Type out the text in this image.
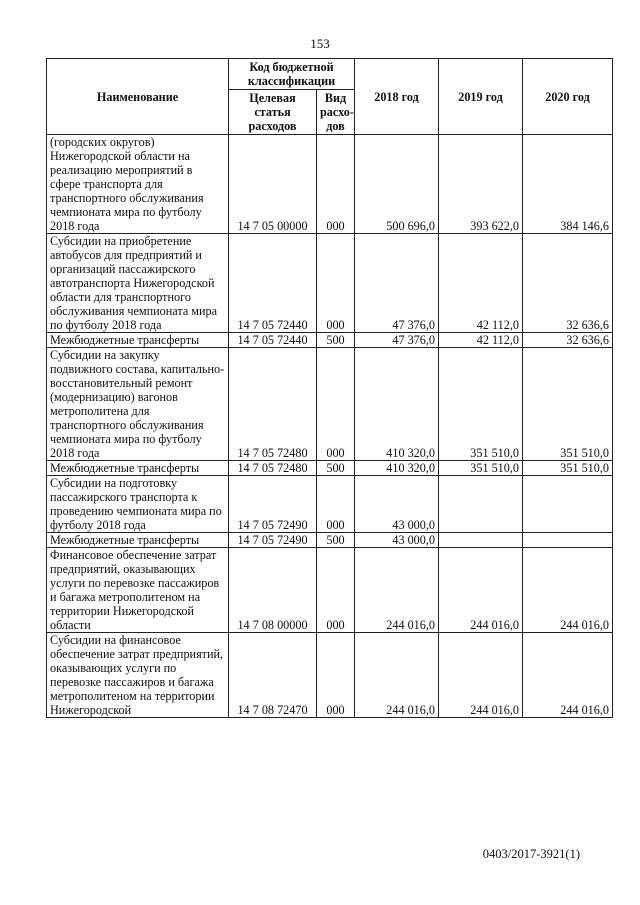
153
Наименование	Код бюджетной классификации		2018 год	2019 год	2020 год
	Целевая статья расходов	Вид расхо-дов			
(городских округов) Нижегородской области на реализацию мероприятий в сфере транспорта для транспортного обслуживания чемпионата мира по футболу 2018 года	14 7 05 00000	000	500 696,0	393 622,0	384 146,6
Субсидии на приобретение автобусов для предприятий и организаций пассажирского автотранспорта Нижегородской области для транспортного обслуживания чемпионата мира по футболу 2018 года	14 7 05 72440	000	47 376,0	42 112,0	32 636,6
Межбюджетные трансферты	14 7 05 72440	500	47 376,0	42 112,0	32 636,6
Субсидии на закупку подвижного состава, капитально-восстановительный ремонт (модернизацию) вагонов метрополитена для транспортного обслуживания чемпионата мира по футболу 2018 года	14 7 05 72480	000	410 320,0	351 510,0	351 510,0
Межбюджетные трансферты	14 7 05 72480	500	410 320,0	351 510,0	351 510,0
Субсидии на подготовку пассажирского транспорта к проведению чемпионата мира по футболу 2018 года	14 7 05 72490	000	43 000,0		
Межбюджетные трансферты	14 7 05 72490	500	43 000,0		
Финансовое обеспечение затрат предприятий, оказывающих услуги по перевозке пассажиров и багажа метрополитеном на территории Нижегородской области	14 7 08 00000	000	244 016,0	244 016,0	244 016,0
Субсидии на финансовое обеспечение затрат предприятий, оказывающих услуги по перевозке пассажиров и багажа метрополитеном на территории Нижегородской	14 7 08 72470	000	244 016,0	244 016,0	244 016,0
0403/2017-3921(1)
